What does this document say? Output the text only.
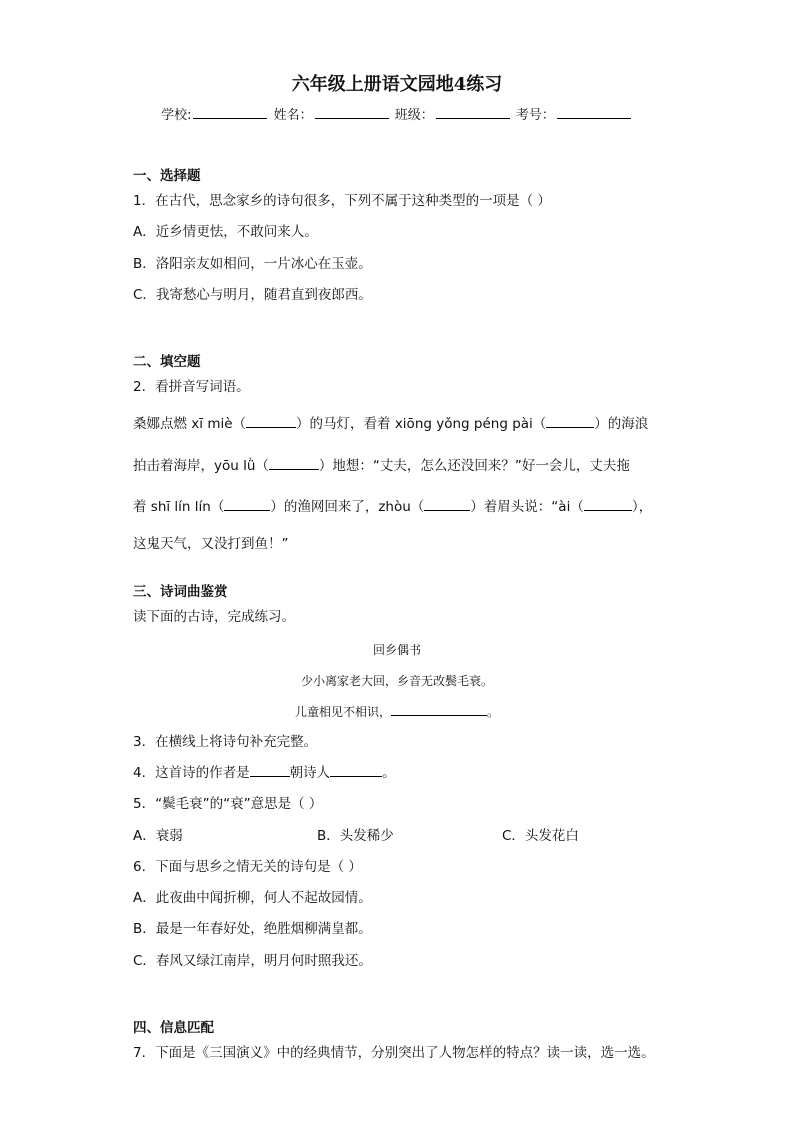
六年级上册语文园地4练习
学校:	姓名：	班级：	考号：
一、选择题
1．在古代，思念家乡的诗句很多，下列不属于这种类型的一项是（ ）
A．近乡情更怯，不敢问来人。
B．洛阳亲友如相问，一片冰心在玉壶。
C．我寄愁心与明月，随君直到夜郎西。
二、填空题
2．看拼音写词语。
桑娜点燃 xī miè（	）的马灯，看着 xiōng yǒng péng pài（	）的海浪
拍击着海岸，yōu lǜ（	）地想：“丈夫，怎么还没回来？”好一会儿，丈夫拖
着 shī lín lín（	）的渔网回来了，zhòu（	）着眉头说：“ài（	），
这鬼天气，又没打到鱼！”
三、诗词曲鉴赏
读下面的古诗，完成练习。
回乡偶书
少小离家老大回，乡音无改鬓毛衰。
儿童相见不相识，	。
3．在横线上将诗句补充完整。
4．这首诗的作者是	朝诗人	。
5．“鬓毛衰”的“衰”意思是（ ）
A．衰弱	B．头发稀少	C．头发花白
6．下面与思乡之情无关的诗句是（ ）
A．此夜曲中闻折柳，何人不起故园情。
B．最是一年春好处，绝胜烟柳满皇都。
C．春风又绿江南岸，明月何时照我还。
四、信息匹配
7．下面是《三国演义》中的经典情节，分别突出了人物怎样的特点？读一读，选一选。
